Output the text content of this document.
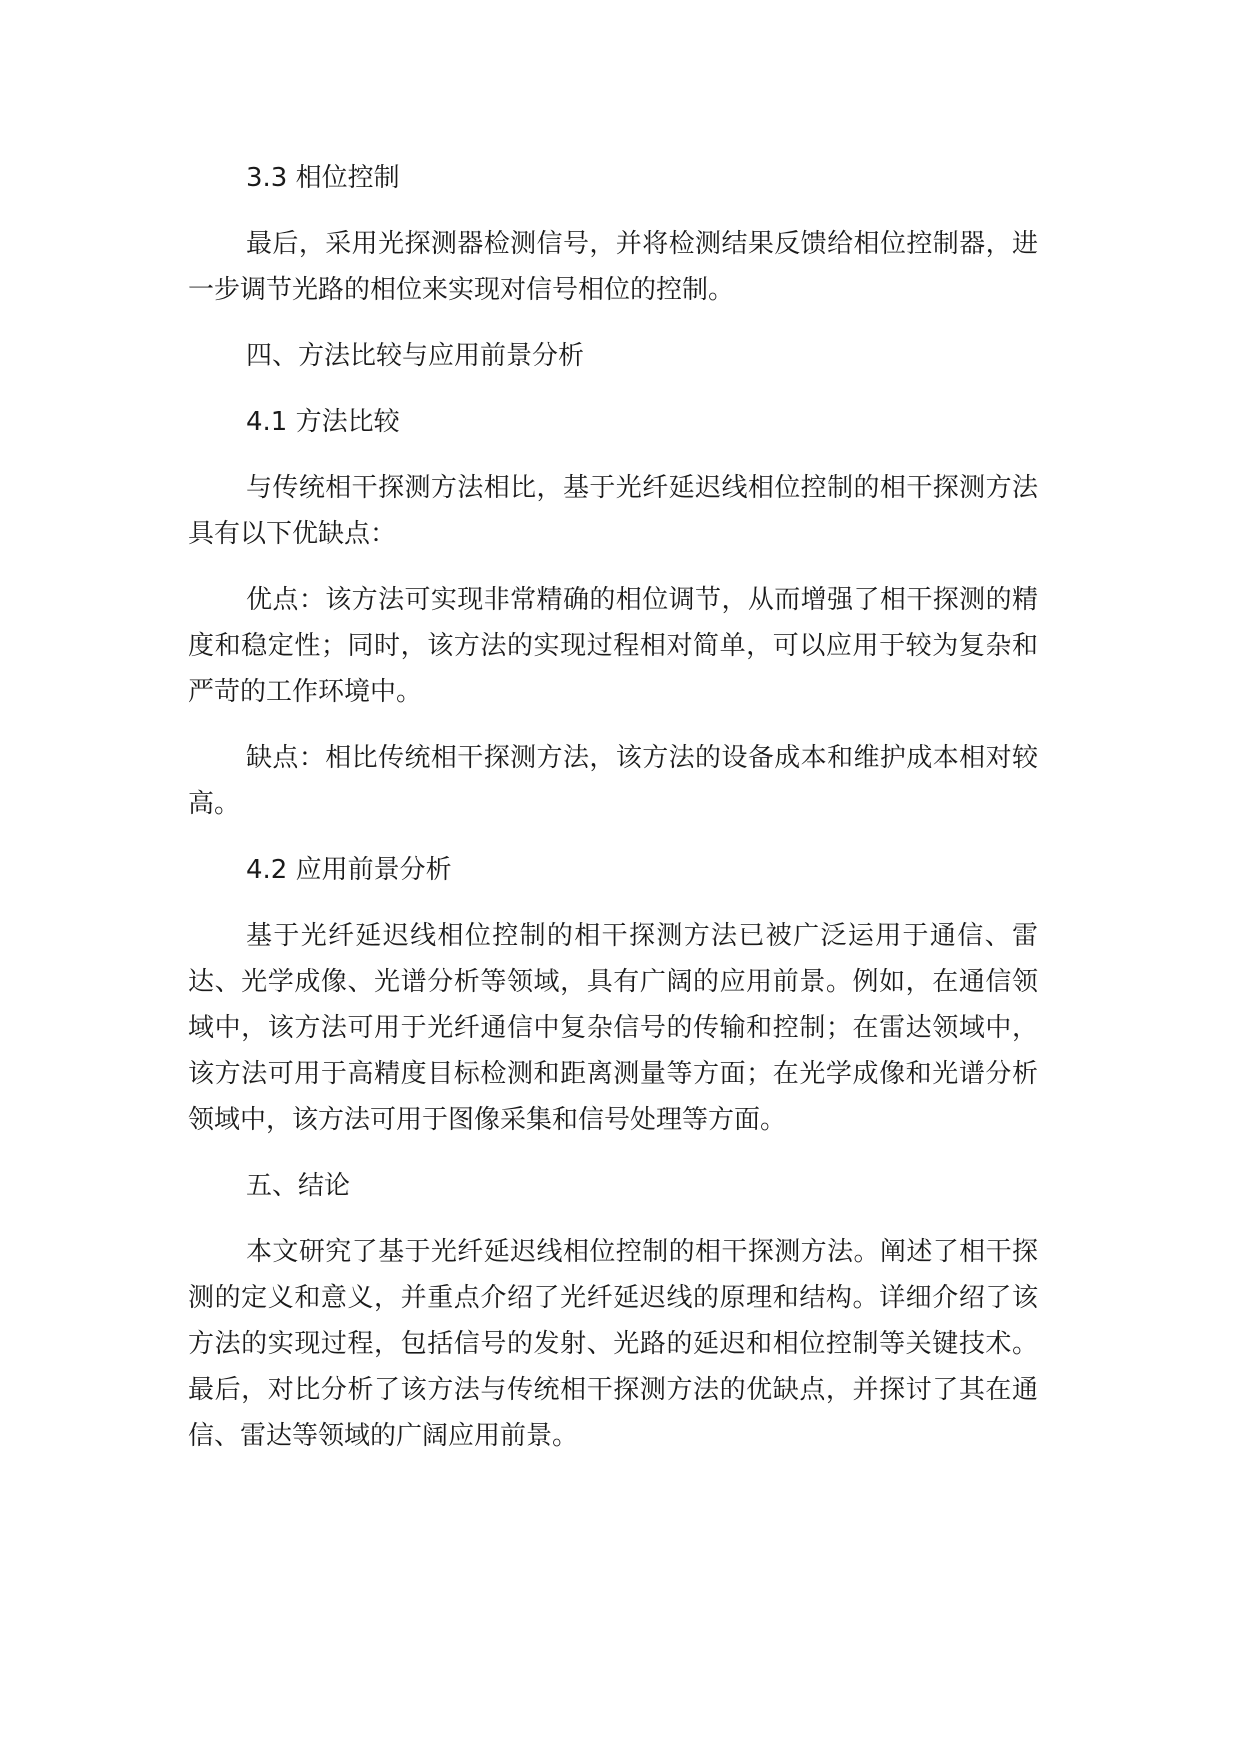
3.3 相位控制

最后，采用光探测器检测信号，并将检测结果反馈给相位控制器，进一步调节光路的相位来实现对信号相位的控制。

四、方法比较与应用前景分析

4.1 方法比较

与传统相干探测方法相比，基于光纤延迟线相位控制的相干探测方法具有以下优缺点：

优点：该方法可实现非常精确的相位调节，从而增强了相干探测的精度和稳定性；同时，该方法的实现过程相对简单，可以应用于较为复杂和严苛的工作环境中。

缺点：相比传统相干探测方法，该方法的设备成本和维护成本相对较高。

4.2 应用前景分析

基于光纤延迟线相位控制的相干探测方法已被广泛运用于通信、雷达、光学成像、光谱分析等领域，具有广阔的应用前景。例如，在通信领域中，该方法可用于光纤通信中复杂信号的传输和控制；在雷达领域中，该方法可用于高精度目标检测和距离测量等方面；在光学成像和光谱分析领域中，该方法可用于图像采集和信号处理等方面。

五、结论

本文研究了基于光纤延迟线相位控制的相干探测方法。阐述了相干探测的定义和意义，并重点介绍了光纤延迟线的原理和结构。详细介绍了该方法的实现过程，包括信号的发射、光路的延迟和相位控制等关键技术。最后，对比分析了该方法与传统相干探测方法的优缺点，并探讨了其在通信、雷达等领域的广阔应用前景。
